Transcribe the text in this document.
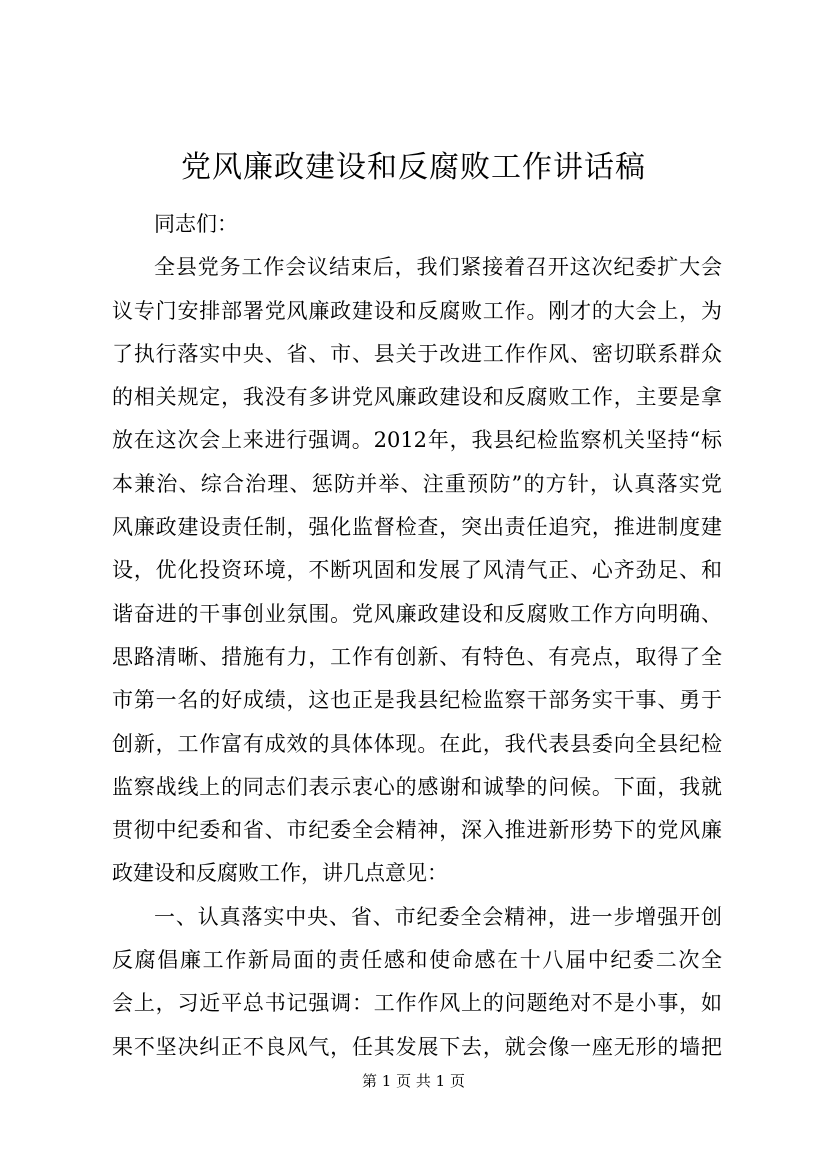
党风廉政建设和反腐败工作讲话稿
同志们：
全县党务工作会议结束后，我们紧接着召开这次纪委扩大会
议专门安排部署党风廉政建设和反腐败工作。刚才的大会上，为
了执行落实中央、省、市、县关于改进工作作风、密切联系群众
的相关规定，我没有多讲党风廉政建设和反腐败工作，主要是拿
放在这次会上来进行强调。2012年，我县纪检监察机关坚持“标
本兼治、综合治理、惩防并举、注重预防”的方针，认真落实党
风廉政建设责任制，强化监督检查，突出责任追究，推进制度建
设，优化投资环境，不断巩固和发展了风清气正、心齐劲足、和
谐奋进的干事创业氛围。党风廉政建设和反腐败工作方向明确、
思路清晰、措施有力，工作有创新、有特色、有亮点，取得了全
市第一名的好成绩，这也正是我县纪检监察干部务实干事、勇于
创新，工作富有成效的具体体现。在此，我代表县委向全县纪检
监察战线上的同志们表示衷心的感谢和诚挚的问候。下面，我就
贯彻中纪委和省、市纪委全会精神，深入推进新形势下的党风廉
政建设和反腐败工作，讲几点意见：
一、认真落实中央、省、市纪委全会精神，进一步增强开创
反腐倡廉工作新局面的责任感和使命感在十八届中纪委二次全
会上，习近平总书记强调：工作作风上的问题绝对不是小事，如
果不坚决纠正不良风气，任其发展下去，就会像一座无形的墙把
第 1 页 共 1 页
